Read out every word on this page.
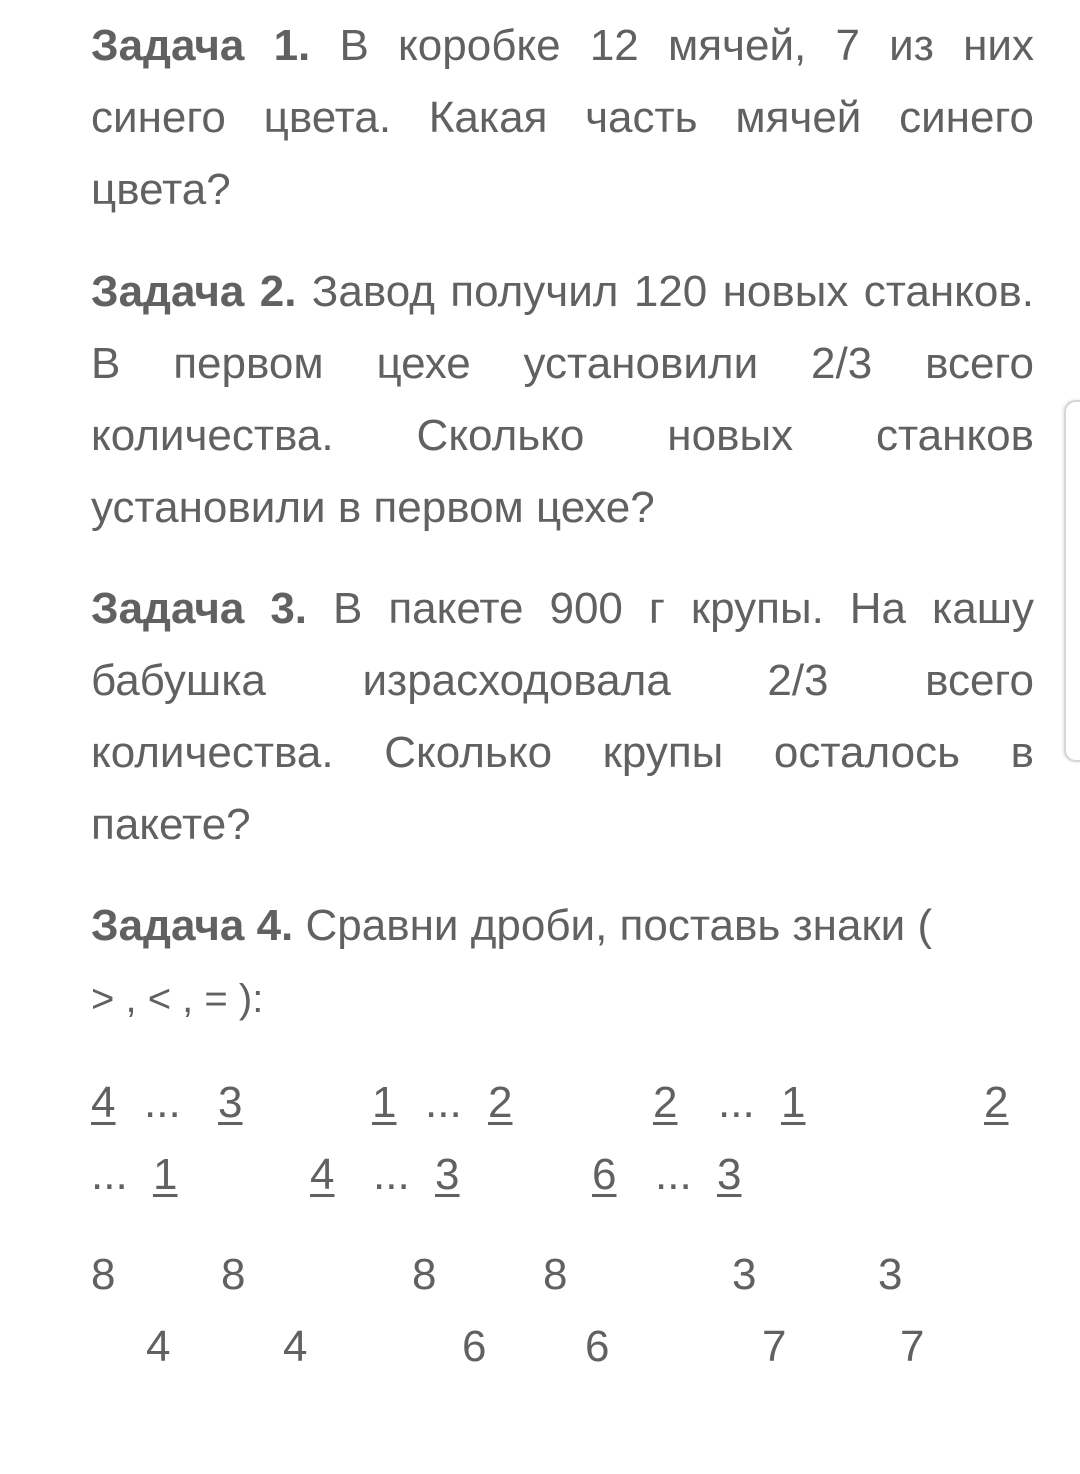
Задача 1. В коробке 12 мячей, 7 из них синего цвета. Какая часть мячей синего цвета?

Задача 2. Завод получил 120 новых станков. В первом цехе установили 2/3 всего количества. Сколько новых станков установили в первом цехе?

Задача 3. В пакете 900 г крупы. На кашу бабушка израсходовала 2/3 всего количества. Сколько крупы осталось в пакете?

Задача 4. Сравни дроби, поставь знаки (
> , < , = ):

4 ... 3	1 ... 2	2 ... 1	2
... 1	4 ... 3	6 ... 3
8 8	8 8	3	3
4	4	6 6	7	7
